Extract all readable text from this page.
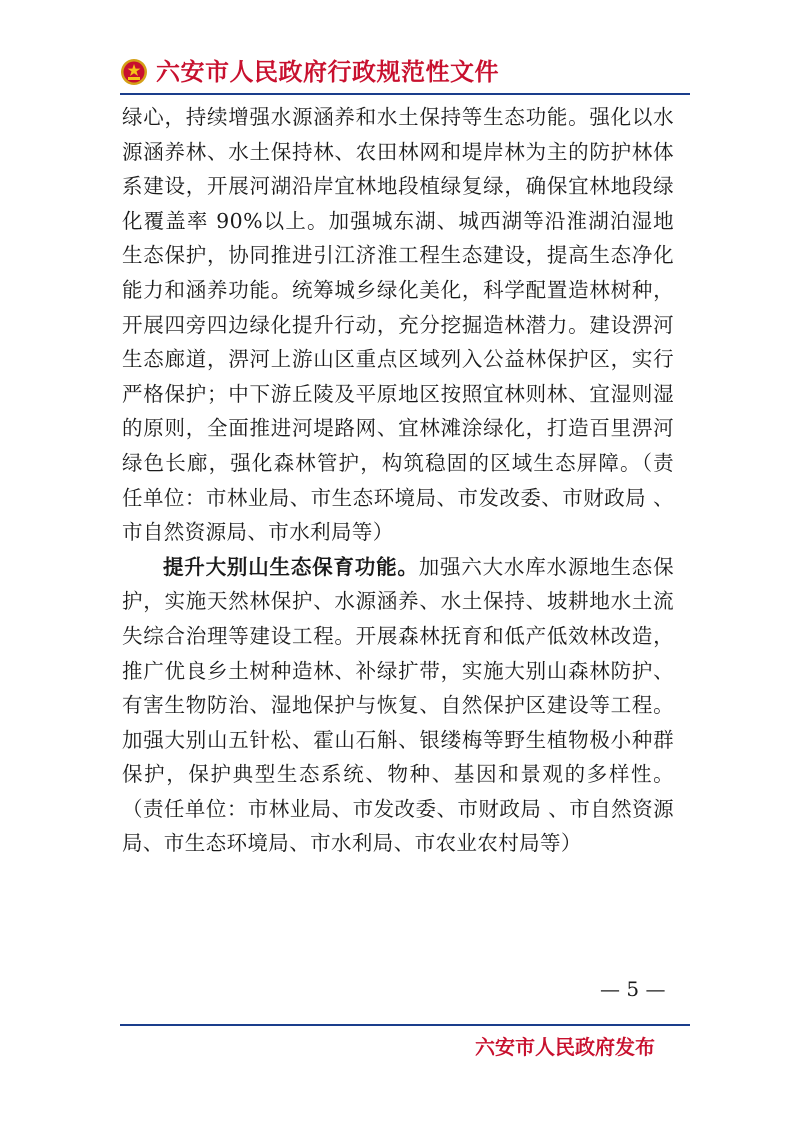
六安市人民政府行政规范性文件

绿心，持续增强水源涵养和水土保持等生态功能。强化以水源涵养林、水土保持林、农田林网和堤岸林为主的防护林体系建设，开展河湖沿岸宜林地段植绿复绿，确保宜林地段绿化覆盖率 90%以上。加强城东湖、城西湖等沿淮湖泊湿地生态保护，协同推进引江济淮工程生态建设，提高生态净化能力和涵养功能。统筹城乡绿化美化，科学配置造林树种，开展四旁四边绿化提升行动，充分挖掘造林潜力。建设淠河生态廊道，淠河上游山区重点区域列入公益林保护区，实行严格保护；中下游丘陵及平原地区按照宜林则林、宜湿则湿的原则，全面推进河堤路网、宜林滩涂绿化，打造百里淠河绿色长廊，强化森林管护，构筑稳固的区域生态屏障。（责任单位：市林业局、市生态环境局、市发改委、市财政局 、市自然资源局、市水利局等）

提升大别山生态保育功能。加强六大水库水源地生态保护，实施天然林保护、水源涵养、水土保持、坡耕地水土流失综合治理等建设工程。开展森林抚育和低产低效林改造，推广优良乡土树种造林、补绿扩带，实施大别山森林防护、有害生物防治、湿地保护与恢复、自然保护区建设等工程。加强大别山五针松、霍山石斛、银缕梅等野生植物极小种群保护，保护典型生态系统、物种、基因和景观的多样性。（责任单位：市林业局、市发改委、市财政局 、市自然资源局、市生态环境局、市水利局、市农业农村局等）

— 5 —
六安市人民政府发布
